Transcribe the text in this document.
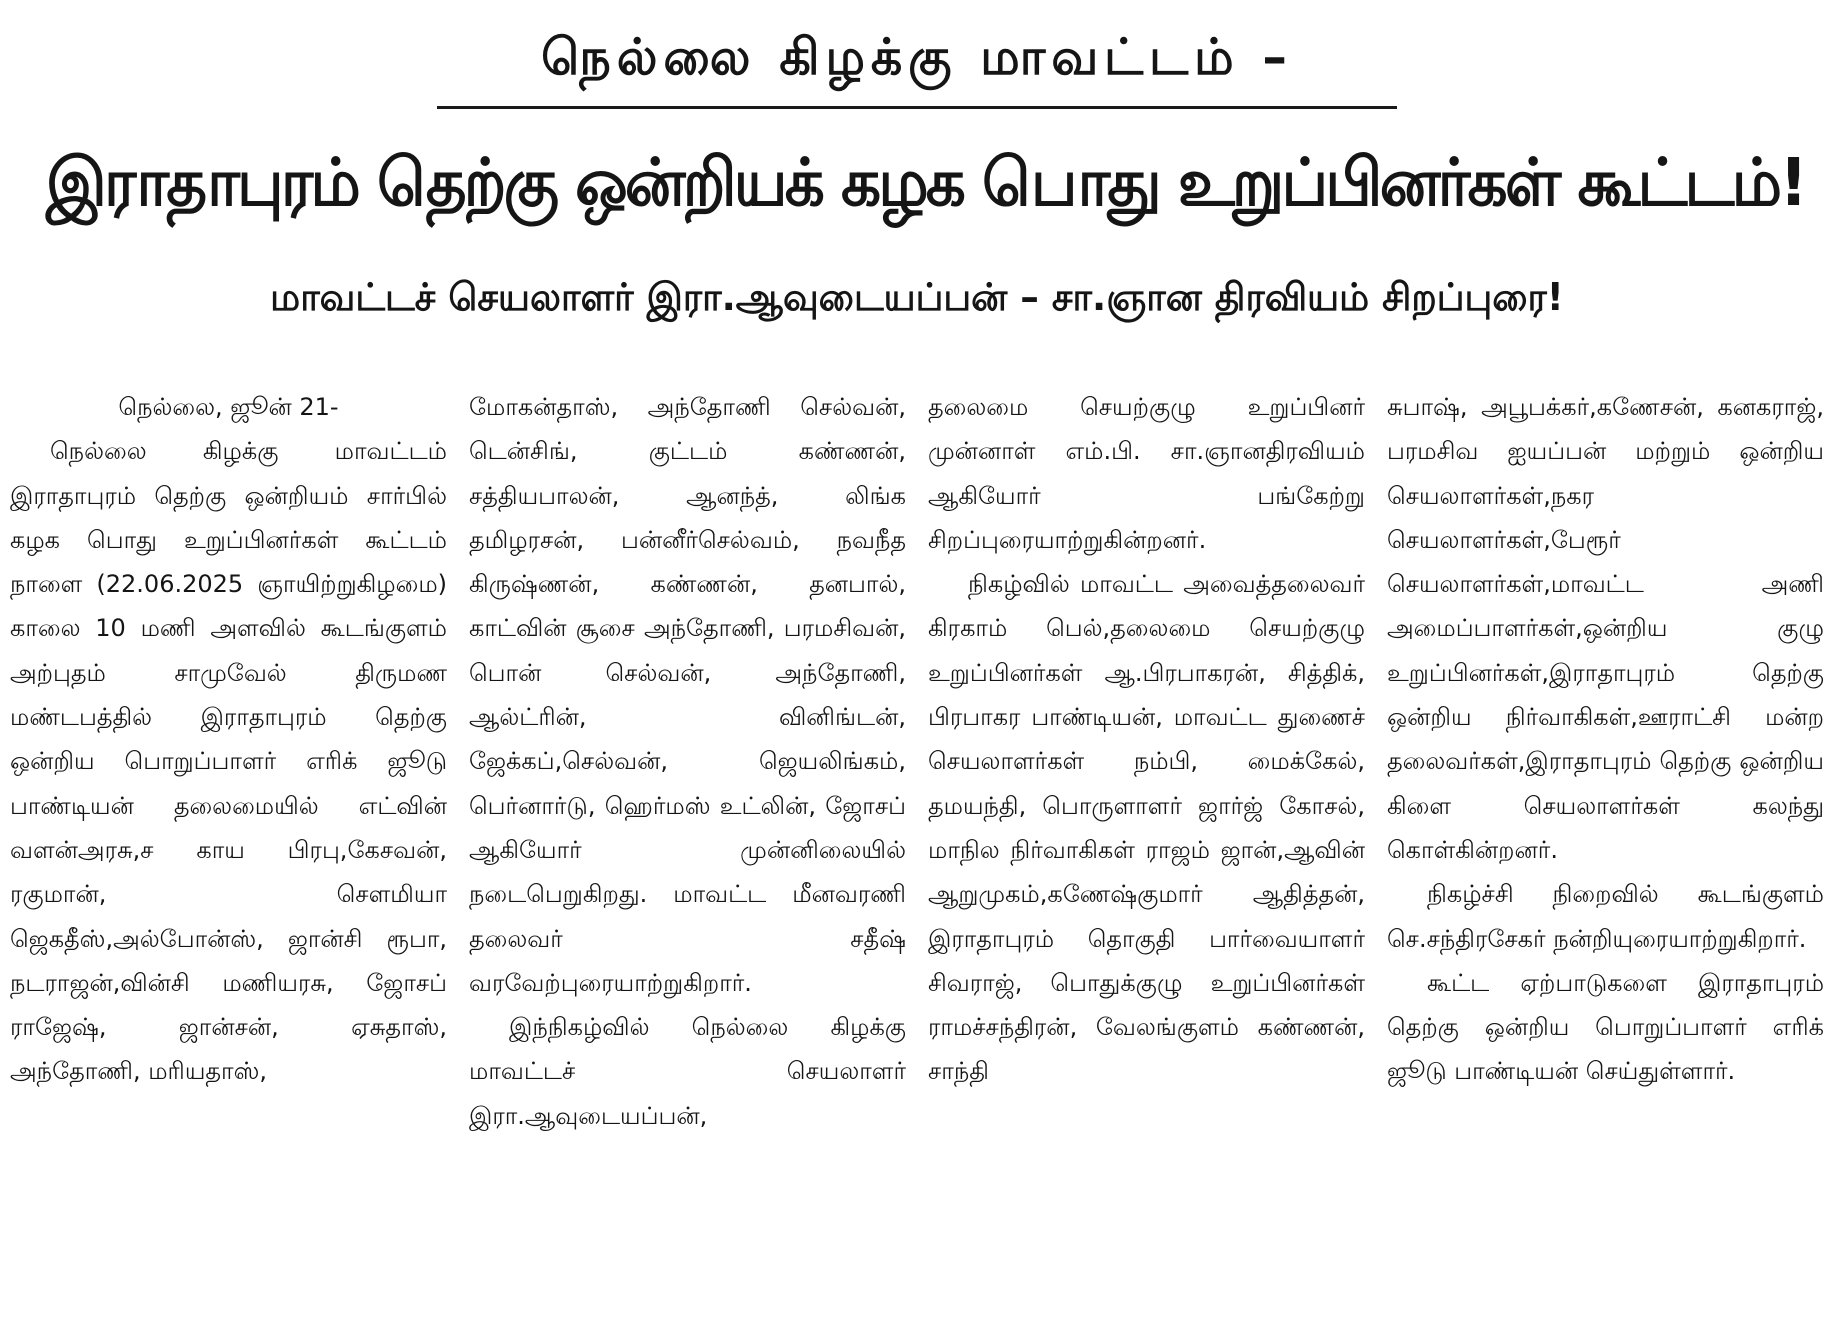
நெல்லை கிழக்கு மாவட்டம் –
இராதாபுரம் தெற்கு ஒன்றியக் கழக பொது உறுப்பினர்கள் கூட்டம்!
மாவட்டச் செயலாளர் இரா.ஆவுடையப்பன் – சா.ஞான திரவியம் சிறப்புரை!

நெல்லை, ஜூன் 21-

நெல்லை கிழக்கு மாவட்டம் இராதாபுரம் தெற்கு ஒன்றியம் சார்பில் கழக பொது உறுப்பினர்கள் கூட்டம் நாளை (22.06.2025 ஞாயிற்றுகிழமை) காலை 10 மணி அளவில் கூடங்குளம் அற்புதம் சாமுவேல் திருமண மண்டபத்தில் இராதாபுரம் தெற்கு ஒன்றிய பொறுப்பாளர் எரிக் ஜூடு பாண்டியன் தலைமையில் எட்வின் வளன்அரசு,ச காய பிரபு,கேசவன், ரகுமான், சௌமியா ஜெகதீஸ்,அல்போன்ஸ், ஜான்சி ரூபா, நடராஜன்,வின்சி மணியரசு, ஜோசப் ராஜேஷ், ஜான்சன், ஏசுதாஸ், அந்தோணி, மரியதாஸ்,

மோகன்தாஸ், அந்தோணி செல்வன், டென்சிங், குட்டம் கண்ணன், சத்தியபாலன், ஆனந்த், லிங்க தமிழரசன், பன்னீர்செல்வம், நவநீத கிருஷ்ணன், கண்ணன், தனபால், காட்வின் சூசை அந்தோணி, பரமசிவன், பொன் செல்வன், அந்தோணி, ஆல்ட்ரின், வினிங்டன், ஜேக்கப்,செல்வன், ஜெயலிங்கம், பெர்னார்டு, ஹெர்மஸ் உட்லின், ஜோசப் ஆகியோர் முன்னிலையில் நடைபெறுகிறது. மாவட்ட மீனவரணி தலைவர் சதீஷ் வரவேற்புரையாற்றுகிறார்.

இந்நிகழ்வில் நெல்லை கிழக்கு மாவட்டச் செயலாளர் இரா.ஆவுடையப்பன்,

தலைமை செயற்குழு உறுப்பினர் முன்னாள் எம்.பி. சா.ஞானதிரவியம் ஆகியோர் பங்கேற்று சிறப்புரையாற்றுகின்றனர்.

நிகழ்வில் மாவட்ட அவைத்தலைவர் கிரகாம் பெல்,தலைமை செயற்குழு உறுப்பினர்கள் ஆ.பிரபாகரன், சித்திக், பிரபாகர பாண்டியன், மாவட்ட துணைச் செயலாளர்கள் நம்பி, மைக்கேல், தமயந்தி, பொருளாளர் ஜார்ஜ் கோசல், மாநில நிர்வாகிகள் ராஜம் ஜான்,ஆவின் ஆறுமுகம்,கணேஷ்குமார் ஆதித்தன், இராதாபுரம் தொகுதி பார்வையாளர் சிவராஜ், பொதுக்குழு உறுப்பினர்கள் ராமச்சந்திரன், வேலங்குளம் கண்ணன், சாந்தி

சுபாஷ், அபூபக்கர்,கணேசன், கனகராஜ், பரமசிவ ஐயப்பன் மற்றும் ஒன்றிய செயலாளர்கள்,நகர செயலாளர்கள்,பேரூர் செயலாளர்கள்,மாவட்ட அணி அமைப்பாளர்கள்,ஒன்றிய குழு உறுப்பினர்கள்,இராதாபுரம் தெற்கு ஒன்றிய நிர்வாகிகள்,ஊராட்சி மன்ற தலைவர்கள்,இராதாபுரம் தெற்கு ஒன்றிய கிளை செயலாளர்கள் கலந்து கொள்கின்றனர்.

நிகழ்ச்சி நிறைவில் கூடங்குளம் செ.சந்திரசேகர் நன்றியுரையாற்றுகிறார்.

கூட்ட ஏற்பாடுகளை இராதாபுரம் தெற்கு ஒன்றிய பொறுப்பாளர் எரிக் ஜூடு பாண்டியன் செய்துள்ளார்.
